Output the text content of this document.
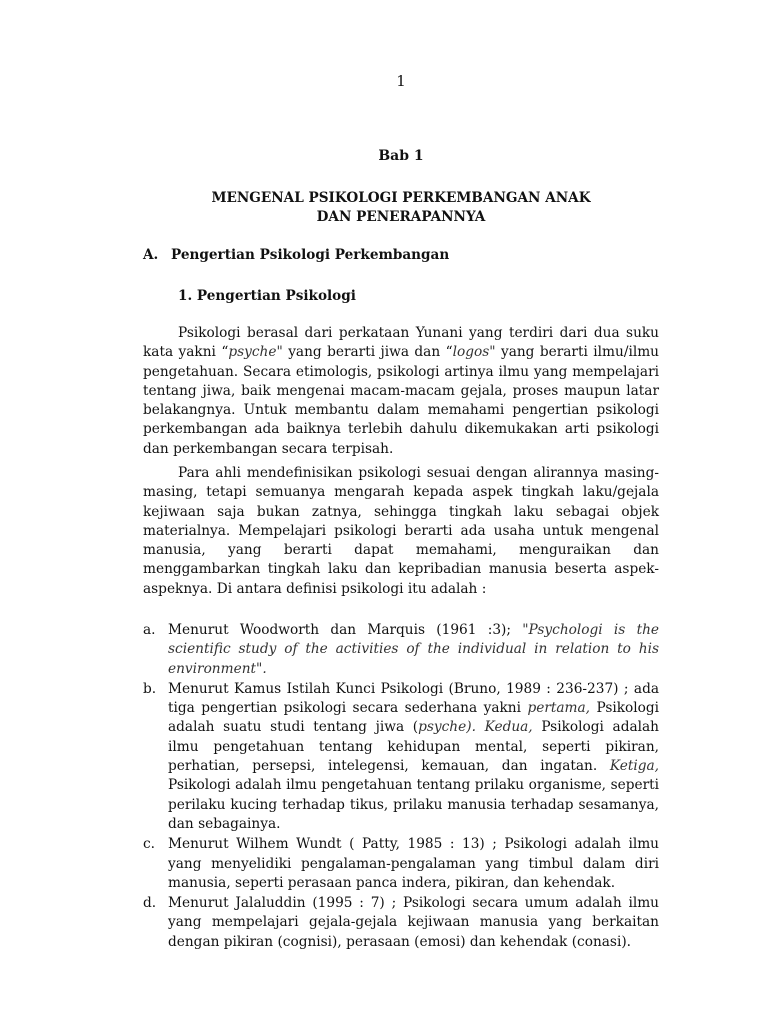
1
Bab 1
MENGENAL PSIKOLOGI PERKEMBANGAN ANAK
DAN PENERAPANNYA
A. Pengertian Psikologi Perkembangan
1. Pengertian Psikologi

Psikologi berasal dari perkataan Yunani yang terdiri dari dua suku kata yakni “psyche" yang berarti jiwa dan “logos" yang berarti ilmu/ilmu pengetahuan. Secara etimologis, psikologi artinya ilmu yang mempelajari tentang jiwa, baik mengenai macam-macam gejala, proses maupun latar belakangnya. Untuk membantu dalam memahami pengertian psikologi perkembangan ada baiknya terlebih dahulu dikemukakan arti psikologi dan perkembangan secara terpisah.

Para ahli mendefinisikan psikologi sesuai dengan alirannya masing-masing, tetapi semuanya mengarah kepada aspek tingkah laku/gejala kejiwaan saja bukan zatnya, sehingga tingkah laku sebagai objek materialnya. Mempelajari psikologi berarti ada usaha untuk mengenal manusia, yang berarti dapat memahami, menguraikan dan menggambarkan tingkah laku dan kepribadian manusia beserta aspek-aspeknya. Di antara definisi psikologi itu adalah :

a. Menurut Woodworth dan Marquis (1961 :3); "Psychologi is the scientific study of the activities of the individual in relation to his environment".
b. Menurut Kamus Istilah Kunci Psikologi (Bruno, 1989 : 236-237) ; ada tiga pengertian psikologi secara sederhana yakni pertama, Psikologi adalah suatu studi tentang jiwa (psyche). Kedua, Psikologi adalah ilmu pengetahuan tentang kehidupan mental, seperti pikiran, perhatian, persepsi, intelegensi, kemauan, dan ingatan. Ketiga, Psikologi adalah ilmu pengetahuan tentang prilaku organisme, seperti perilaku kucing terhadap tikus, prilaku manusia terhadap sesamanya, dan sebagainya.
c. Menurut Wilhem Wundt ( Patty, 1985 : 13) ; Psikologi adalah ilmu yang menyelidiki pengalaman-pengalaman yang timbul dalam diri manusia, seperti perasaan panca indera, pikiran, dan kehendak.
d. Menurut Jalaluddin (1995 : 7) ; Psikologi secara umum adalah ilmu yang mempelajari gejala-gejala kejiwaan manusia yang berkaitan dengan pikiran (cognisi), perasaan (emosi) dan kehendak (conasi).
